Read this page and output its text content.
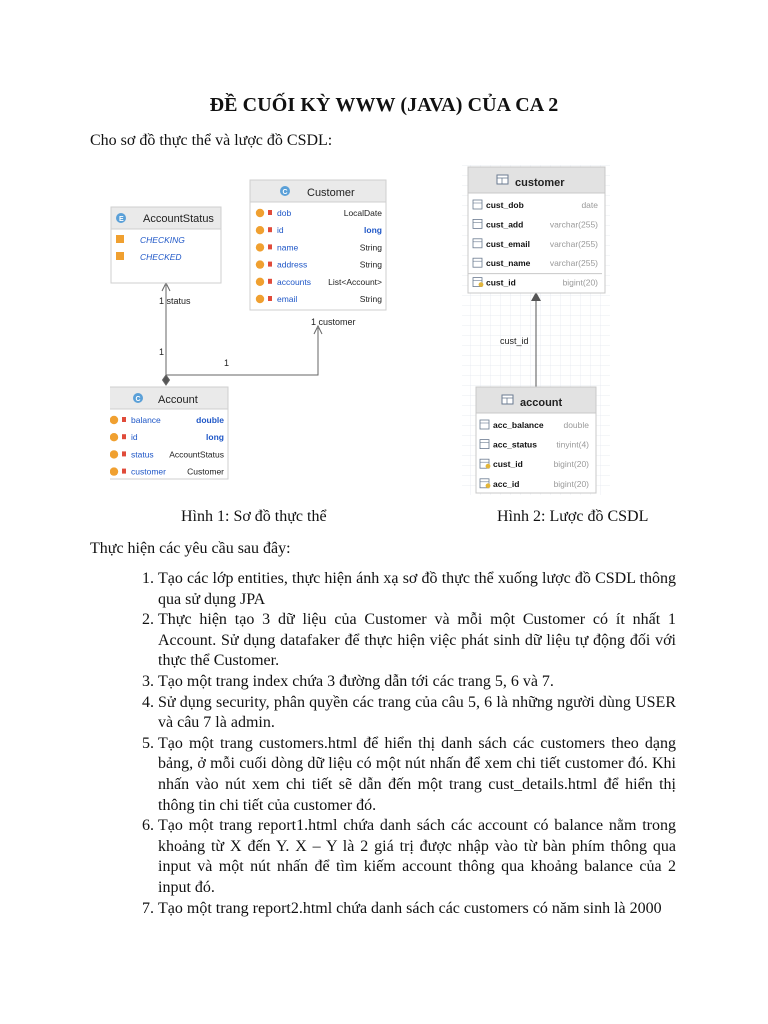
ĐỀ CUỐI KỲ WWW (JAVA) CỦA CA 2
Cho sơ đồ thực thể và lược đồ CSDL:
1 status
1 customer
1
1
E AccountStatus
CHECKING
CHECKED
C Customer
dob	LocalDate
id	long
name	String
address	String
accounts List<Account>
email	String
C Account
balance	double
id	long
status AccountStatus
customer Customer
cust_id
customer
cust_dob	date
cust_add	varchar(255)
cust_email varchar(255)
cust_name varchar(255)
cust_id	bigint(20)
account
acc_balance double
acc_status tinyint(4)
cust_id	bigint(20)
acc_id	bigint(20)
Hình 1: Sơ đồ thực thể	Hình 2: Lược đồ CSDL
Thực hiện các yêu cầu sau đây:
1. Tạo các lớp entities, thực hiện ánh xạ sơ đồ thực thể xuống lược đồ CSDL thông qua sử dụng JPA
2. Thực hiện tạo 3 dữ liệu của Customer và mỗi một Customer có ít nhất 1 Account. Sử dụng datafaker để thực hiện việc phát sinh dữ liệu tự động đối với thực thể Customer.
3. Tạo một trang index chứa 3 đường dẫn tới các trang 5, 6 và 7.
4. Sử dụng security, phân quyền các trang của câu 5, 6 là những người dùng USER và câu 7 là admin.
5. Tạo một trang customers.html để hiển thị danh sách các customers theo dạng bảng, ở mỗi cuối dòng dữ liệu có một nút nhấn để xem chi tiết customer đó. Khi nhấn vào nút xem chi tiết sẽ dẫn đến một trang cust_details.html để hiển thị thông tin chi tiết của customer đó.
6. Tạo một trang report1.html chứa danh sách các account có balance nằm trong khoảng từ X đến Y. X – Y là 2 giá trị được nhập vào từ bàn phím thông qua input và một nút nhấn để tìm kiếm account thông qua khoảng balance của 2 input đó.
7. Tạo một trang report2.html chứa danh sách các customers có năm sinh là 2000
